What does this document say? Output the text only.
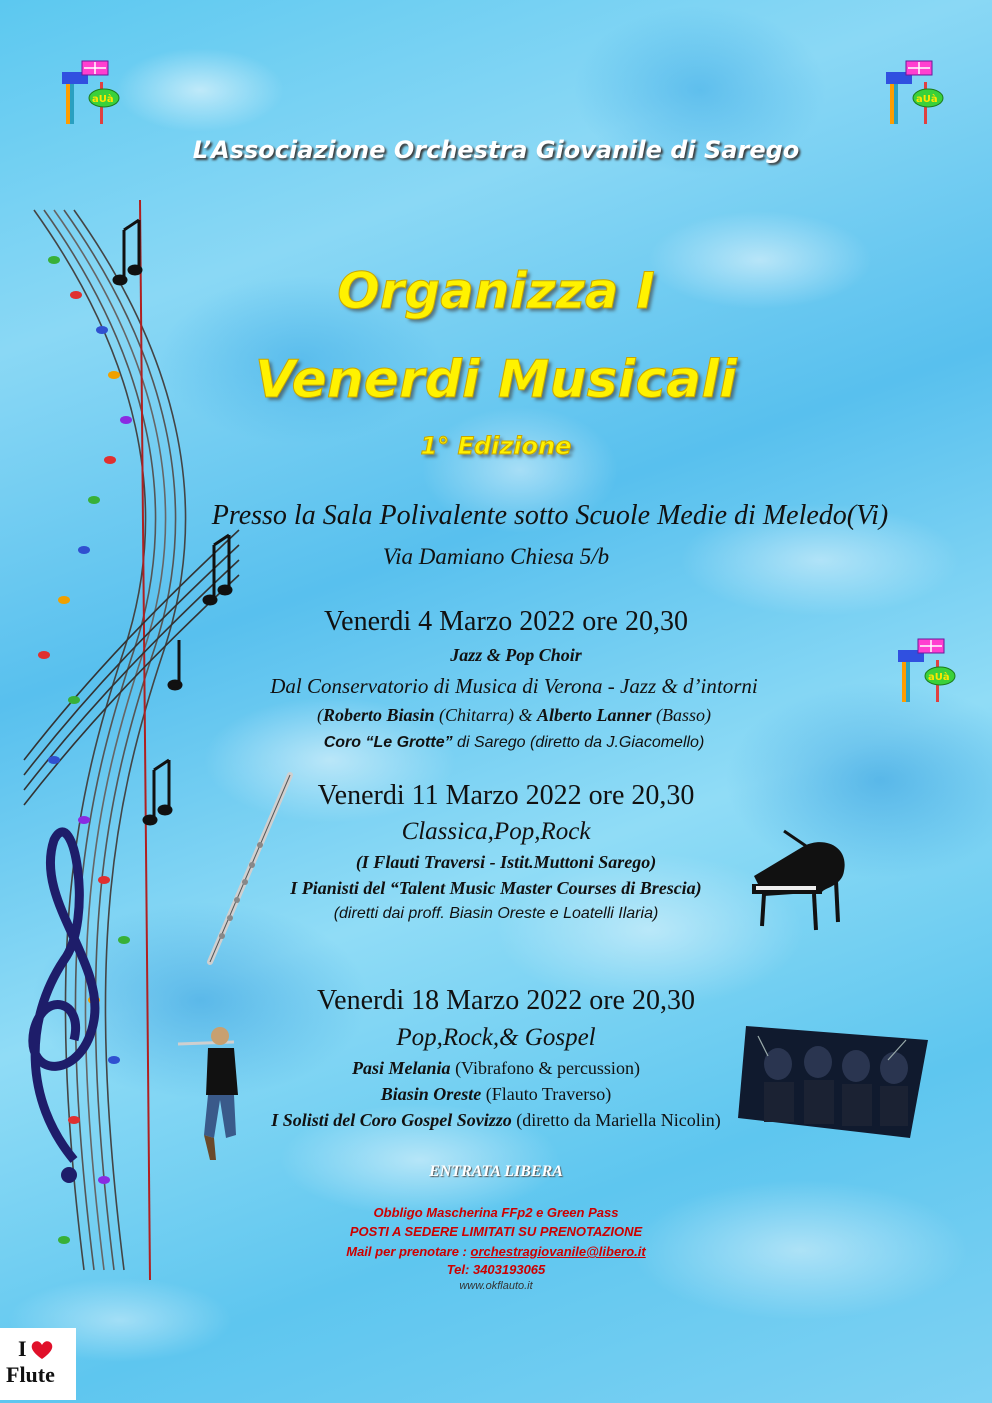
aUà	aUà
aUà
L’Associazione Orchestra Giovanile di Sarego
Organizza I
Venerdi Musicali
1° Edizione
Presso la Sala Polivalente sotto Scuole Medie di Meledo(Vi)
Via Damiano Chiesa 5/b
Venerdi 4 Marzo 2022 ore 20,30
Jazz & Pop Choir
Dal Conservatorio di Musica di Verona - Jazz & d’intorni
(Roberto Biasin (Chitarra) & Alberto Lanner (Basso)
Coro “Le Grotte” di Sarego (diretto da J.Giacomello)
Venerdi 11 Marzo 2022 ore 20,30
Classica,Pop,Rock
(I Flauti Traversi - Istit.Muttoni Sarego)
I Pianisti del “Talent Music Master Courses di Brescia)
(diretti dai proff. Biasin Oreste e Loatelli Ilaria)
Venerdi 18 Marzo 2022 ore 20,30
Pop,Rock,& Gospel
Pasi Melania (Vibrafono & percussion)
Biasin Oreste (Flauto Traverso)
I Solisti del Coro Gospel Sovizzo (diretto da Mariella Nicolin)
ENTRATA LIBERA
Obbligo Mascherina FFp2 e Green Pass
POSTI A SEDERE LIMITATI SU PRENOTAZIONE
Mail per prenotare : orchestragiovanile@libero.it
Tel: 3403193065
www.okflauto.it
I
Flute
